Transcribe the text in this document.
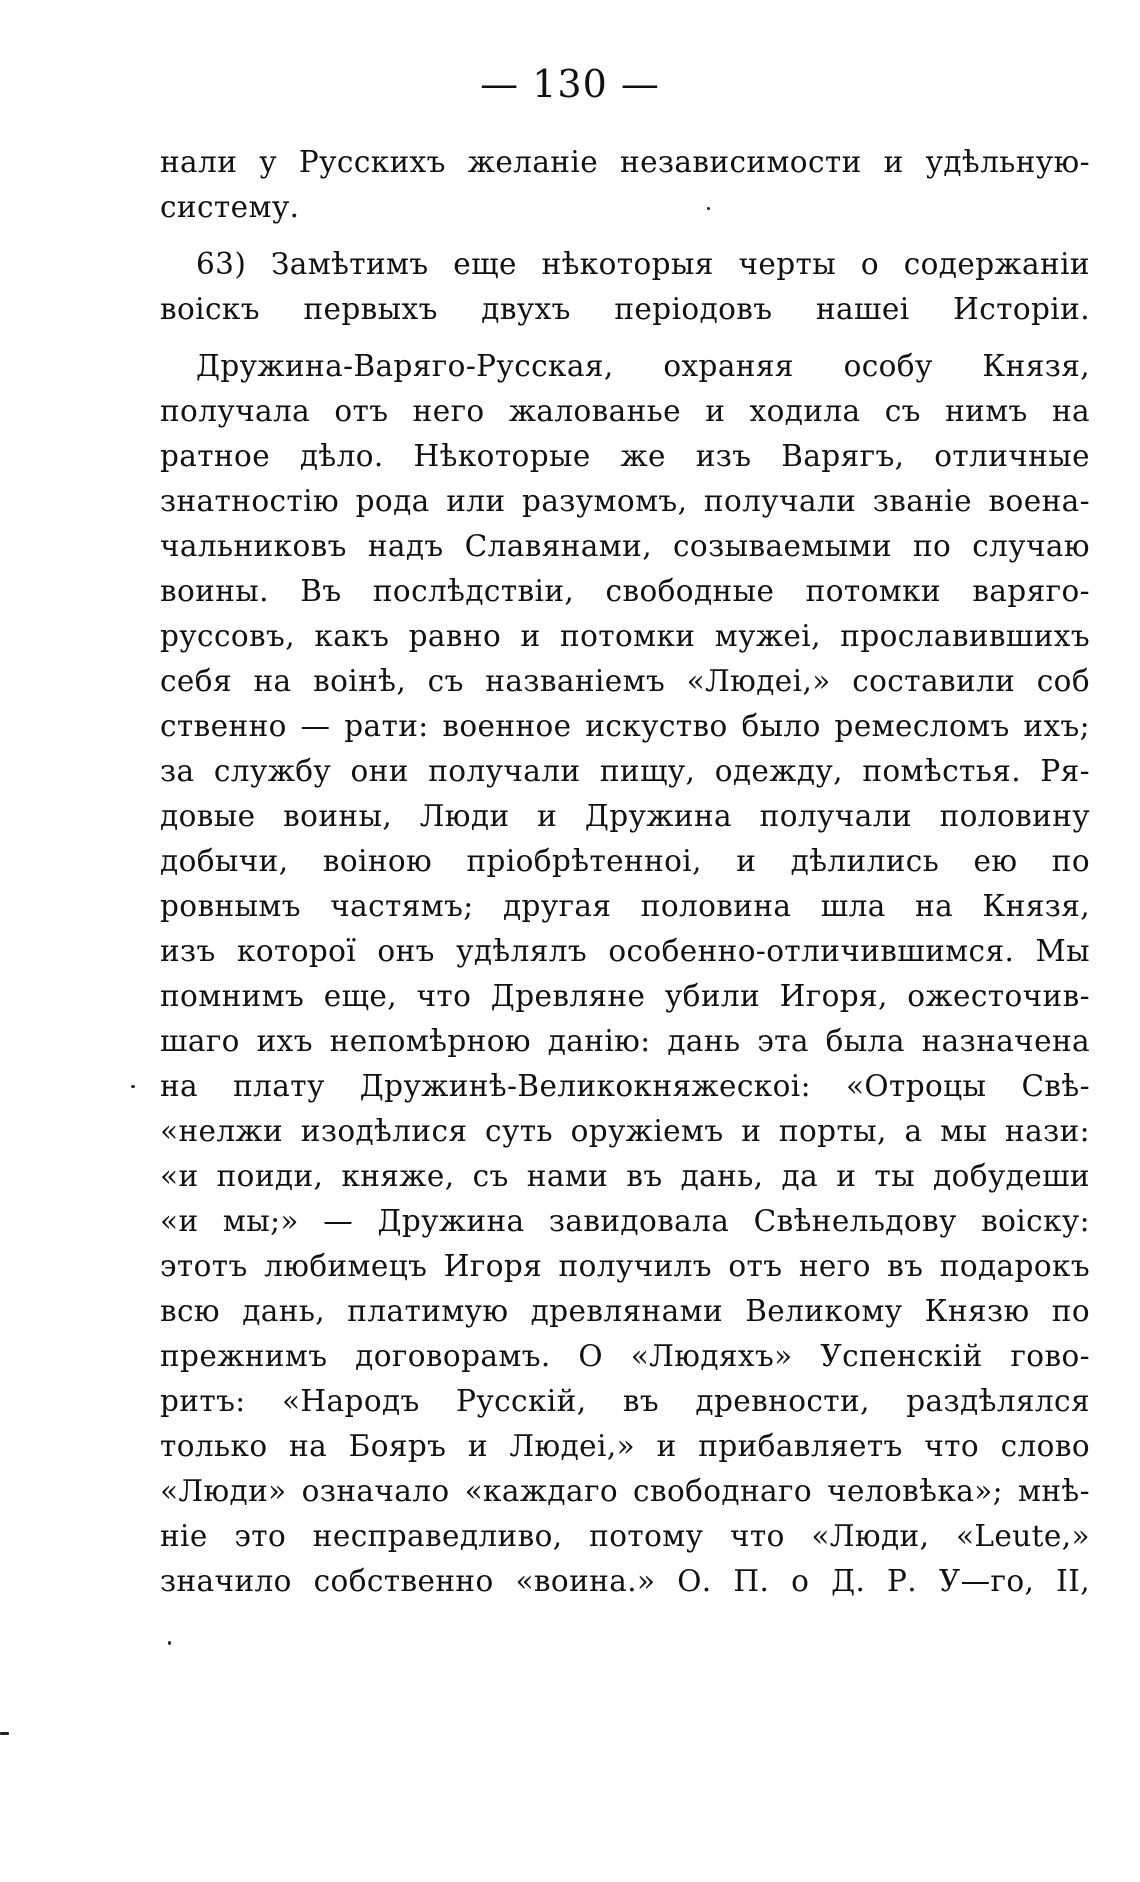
— 130 —
нали у Русскихъ желаніе независимости и удѣльную-
систему.
63) Замѣтимъ еще нѣкоторыя черты о содержаніи
воіскъ первыхъ двухъ періодовъ нашеі Исторіи.
Дружина-Варяго-Русская, охраняя особу Князя,
получала отъ него жалованье и ходила съ нимъ на
ратное дѣло. Нѣкоторые же изъ Варягъ, отличные
знатностію рода или разумомъ, получали званіе воена-
чальниковъ надъ Славянами, созываемыми по случаю
воины. Въ послѣдствіи, свободные потомки варяго-
руссовъ, какъ равно и потомки мужеі, прославившихъ
себя на воінѣ, съ названіемъ «Людеі,» составили соб
ственно — рати: военное искуство было ремесломъ ихъ;
за службу они получали пищу, одежду, помѣстья. Ря-
довые воины, Люди и Дружина получали половину
добычи, воіною пріобрѣтенноі, и дѣлились ею по
ровнымъ частямъ; другая половина шла на Князя,
изъ которої онъ удѣлялъ особенно-отличившимся. Мы
помнимъ еще, что Древляне убили Игоря, ожесточив-
шаго ихъ непомѣрною данію: дань эта была назначена
на плату Дружинѣ-Великокняжескоі: «Отроцы Свѣ-
«нелжи изодѣлися суть оружіемъ и порты, а мы нази:
«и поиди, княже, съ нами въ дань, да и ты добудеши
«и мы;» — Дружина завидовала Свѣнельдову воіску:
этотъ любимецъ Игоря получилъ отъ него въ подарокъ
всю дань, платимую древлянами Великому Князю по
прежнимъ договорамъ. О «Людяхъ» Успенскій гово-
ритъ: «Народъ Русскій, въ древности, раздѣлялся
только на Бояръ и Людеі,» и прибавляетъ что слово
«Люди» означало «каждаго свободнаго человѣка»; мнѣ-
ніе это несправедливо, потому что «Люди, «Leute,»
значило собственно «воина.» О. П. о Д. Р. У—го, II,
